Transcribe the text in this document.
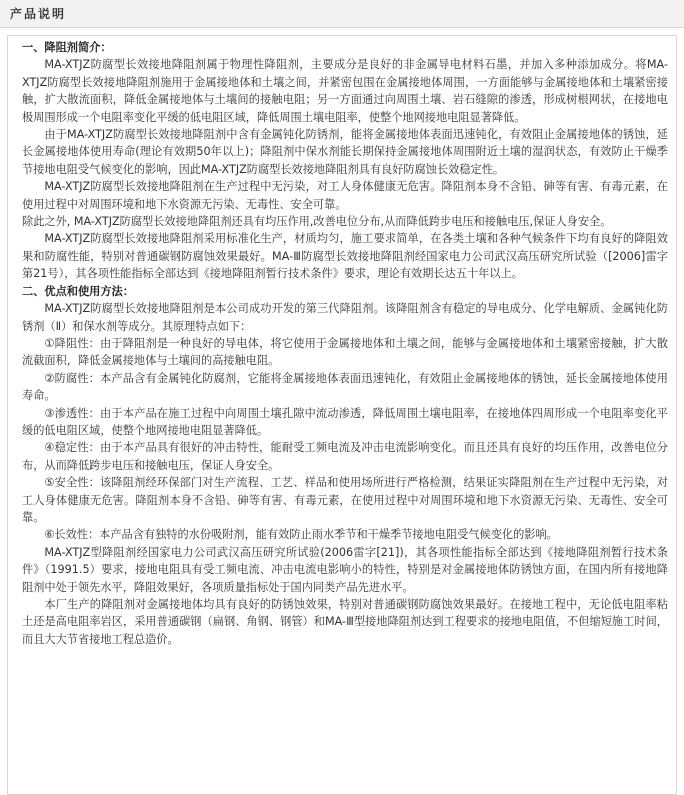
产品说明

一、降阻剂简介：

MA-XTJZ防腐型长效接地降阻剂属于物理性降阻剂，主要成分是良好的非金属导电材料石墨，并加入多种添加成分。将MA-XTJZ防腐型长效接地降阻剂施用于金属接地体和土壤之间，并紧密包围在金属接地体周围，一方面能够与金属接地体和土壤紧密接触，扩大散流面积，降低金属接地体与土壤间的接触电阻；另一方面通过向周围土壤、岩石缝隙的渗透，形成树根网状，在接地电极周围形成一个电阻率变化平缓的低电阻区域，降低周围土壤电阻率，使整个地网接地电阻显著降低。

由于MA-XTJZ防腐型长效接地降阻剂中含有金属钝化防锈剂，能将金属接地体表面迅速钝化，有效阻止金属接地体的锈蚀，延长金属接地体使用寿命(理论有效期50年以上)；降阻剂中保水剂能长期保持金属接地体周围附近土壤的湿润状态，有效防止干燥季节接地电阻受气候变化的影响，因此MA-XTJZ防腐型长效接地降阻剂具有良好防腐蚀长效稳定性。

MA-XTJZ防腐型长效接地降阻剂在生产过程中无污染，对工人身体健康无危害。降阻剂本身不含铅、砷等有害、有毒元素，在使用过程中对周围环境和地下水资源无污染、无毒性、安全可靠。

除此之外, MA-XTJZ防腐型长效接地降阻剂还具有均压作用,改善电位分布,从而降低跨步电压和接触电压,保证人身安全。

MA-XTJZ防腐型长效接地降阻剂采用标准化生产，材质均匀，施工要求简单，在各类土壤和各种气候条件下均有良好的降阻效果和防腐性能，特别对普通碳钢防腐蚀效果最好。MA-Ⅲ防腐型长效接地降阻剂经国家电力公司武汉高压研究所试验（[2006]雷字第21号），其各项性能指标全部达到《接地降阻剂暂行技术条件》要求，理论有效期长达五十年以上。

二、优点和使用方法：

MA-XTJZ防腐型长效接地降阻剂是本公司成功开发的第三代降阻剂。该降阻剂含有稳定的导电成分、化学电解质、金属钝化防锈剂（Ⅱ）和保水剂等成分。其原理特点如下：

①降阻性：由于降阻剂是一种良好的导电体，将它使用于金属接地体和土壤之间，能够与金属接地体和土壤紧密接触，扩大散流截面积，降低金属接地体与土壤间的高接触电阻。

②防腐性：本产品含有金属钝化防腐剂，它能将金属接地体表面迅速钝化，有效阻止金属接地体的锈蚀，延长金属接地体使用寿命。

③渗透性：由于本产品在施工过程中向周围土壤孔隙中流动渗透，降低周围土壤电阻率，在接地体四周形成一个电阻率变化平缓的低电阻区域，使整个地网接地电阻显著降低。

④稳定性：由于本产品具有很好的冲击特性，能耐受工频电流及冲击电流影响变化。而且还具有良好的均压作用，改善电位分布，从而降低跨步电压和接触电压，保证人身安全。

⑤安全性：该降阻剂经环保部门对生产流程、工艺、样品和使用场所进行严格检测，结果证实降阻剂在生产过程中无污染，对工人身体健康无危害。降阻剂本身不含铅、砷等有害、有毒元素，在使用过程中对周围环境和地下水资源无污染、无毒性、安全可靠。

⑥长效性：本产品含有独特的水份吸附剂，能有效防止雨水季节和干燥季节接地电阻受气候变化的影响。

MA-XTJZ型降阻剂经国家电力公司武汉高压研究所试验(2006雷字[21])，其各项性能指标全部达到《接地降阻剂暂行技术条件》（1991.5）要求，接地电阻具有受工频电流、冲击电流电影响小的特性，特别是对金属接地体防锈蚀方面，在国内所有接地降阻剂中处于领先水平，降阻效果好，各项质量指标处于国内同类产品先进水平。

本厂生产的降阻剂对金属接地体均具有良好的防锈蚀效果，特别对普通碳钢防腐蚀效果最好。在接地工程中，无论低电阻率粘土还是高电阻率岩区，采用普通碳钢（扁钢、角钢、钢管）和MA-Ⅲ型接地降阻剂达到工程要求的接地电阻值，不但缩短施工时间，而且大大节省接地工程总造价。
